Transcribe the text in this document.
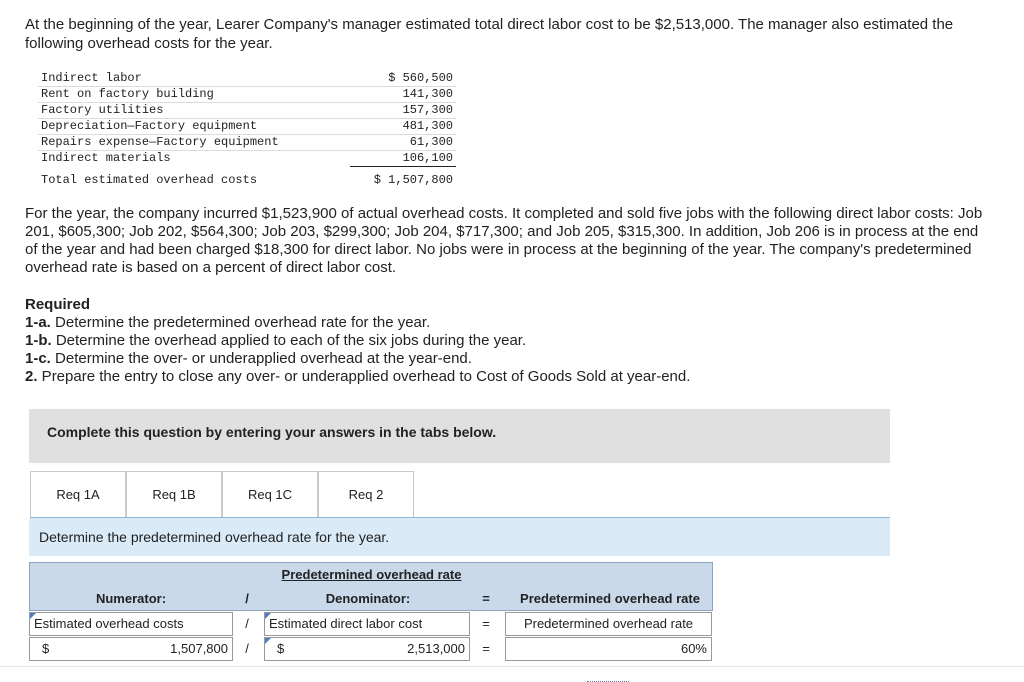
At the beginning of the year, Learer Company's manager estimated total direct labor cost to be $2,513,000. The manager also estimated the following overhead costs for the year.

Indirect labor	$ 560,500
Rent on factory building	141,300
Factory utilities	157,300
Depreciation—Factory equipment	481,300
Repairs expense—Factory equipment	61,300
Indirect materials	106,100
Total estimated overhead costs	$ 1,507,800

For the year, the company incurred $1,523,900 of actual overhead costs. It completed and sold five jobs with the following direct labor costs: Job 201, $605,300; Job 202, $564,300; Job 203, $299,300; Job 204, $717,300; and Job 205, $315,300. In addition, Job 206 is in process at the end of the year and had been charged $18,300 for direct labor. No jobs were in process at the beginning of the year. The company's predetermined overhead rate is based on a percent of direct labor cost.

Required
1-a. Determine the predetermined overhead rate for the year.
1-b. Determine the overhead applied to each of the six jobs during the year.
1-c. Determine the over- or underapplied overhead at the year-end.
2. Prepare the entry to close any over- or underapplied overhead to Cost of Goods Sold at year-end.
Complete this question by entering your answers in the tabs below.
Req 1A	Req 1B	Req 1C	Req 2
Determine the predetermined overhead rate for the year.
Predetermined overhead rate
Numerator:	/	Denominator:	=	Predetermined overhead rate
Estimated overhead costs	/	Estimated direct labor cost	=	Predetermined overhead rate
$	1,507,800	/	$	2,513,000	=	60%
